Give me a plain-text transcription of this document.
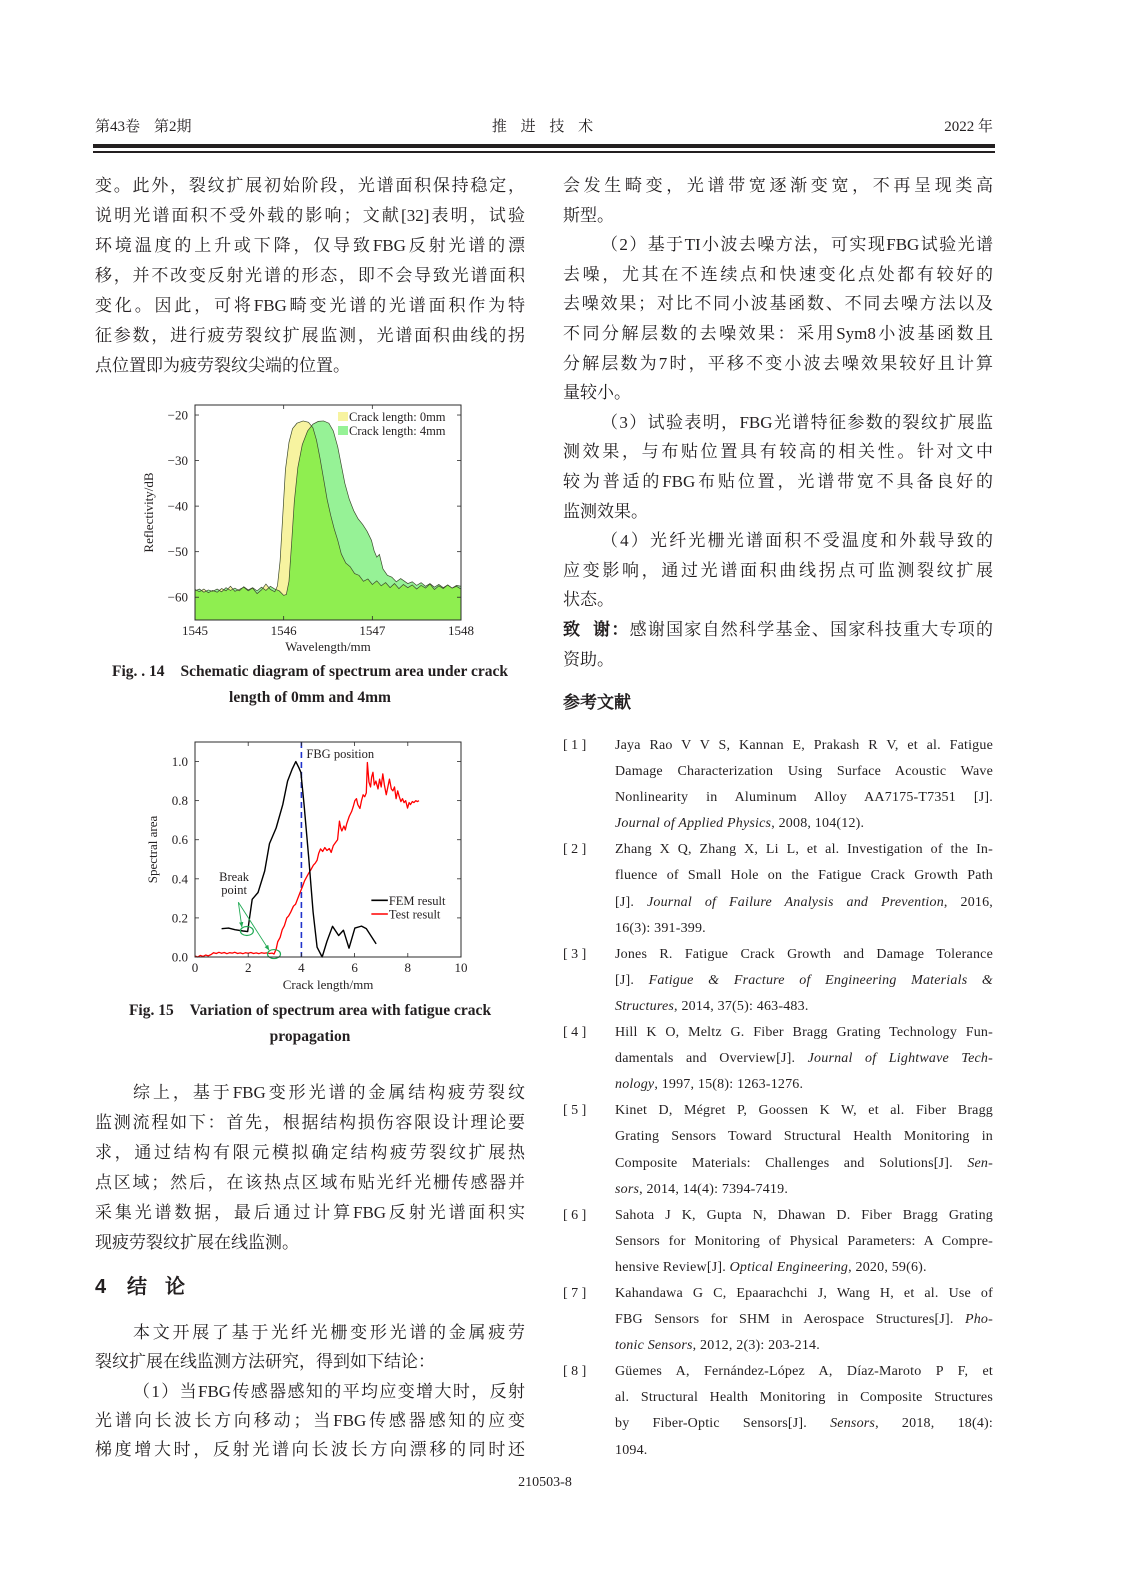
第43卷 第2期	推 进 技 术	2022 年
变。此外，裂纹扩展初始阶段，光谱面积保持稳定，
说明光谱面积不受外载的影响；文献[32]表明，试验
环境温度的上升或下降，仅导致FBG反射光谱的漂
移，并不改变反射光谱的形态，即不会导致光谱面积
变化。因此，可将FBG畸变光谱的光谱面积作为特
征参数，进行疲劳裂纹扩展监测，光谱面积曲线的拐
点位置即为疲劳裂纹尖端的位置。
1545	1546	1547	1548
−20
−30
−40
−50
−60
Wavelength/mm
Reflectivity/dB
Crack length: 0mm
Crack length: 4mm
Fig. . 14 Schematic diagram of spectrum area under crack
length of 0mm and 4mm
FBG position
Break
point
0	2	4	6	8	10
0.0
0.2
0.4
0.6
0.8
1.0
Crack length/mm
Spectral area
FEM result
Test result
Fig. 15 Variation of spectrum area with fatigue crack
propagation
综上，基于FBG变形光谱的金属结构疲劳裂纹
监测流程如下：首先，根据结构损伤容限设计理论要
求，通过结构有限元模拟确定结构疲劳裂纹扩展热
点区域；然后，在该热点区域布贴光纤光栅传感器并
采集光谱数据，最后通过计算FBG反射光谱面积实
现疲劳裂纹扩展在线监测。
4 结论
本文开展了基于光纤光栅变形光谱的金属疲劳
裂纹扩展在线监测方法研究，得到如下结论：
（1）当FBG传感器感知的平均应变增大时，反射
光谱向长波长方向移动；当FBG传感器感知的应变
梯度增大时，反射光谱向长波长方向漂移的同时还
会发生畸变，光谱带宽逐渐变宽，不再呈现类高
斯型。
（2）基于TI小波去噪方法，可实现FBG试验光谱
去噪，尤其在不连续点和快速变化点处都有较好的
去噪效果；对比不同小波基函数、不同去噪方法以及
不同分解层数的去噪效果：采用Sym8小波基函数且
分解层数为7时，平移不变小波去噪效果较好且计算
量较小。
（3）试验表明，FBG光谱特征参数的裂纹扩展监
测效果，与布贴位置具有较高的相关性。针对文中
较为普适的FBG布贴位置，光谱带宽不具备良好的
监测效果。
（4）光纤光栅光谱面积不受温度和外载导致的
应变影响，通过光谱面积曲线拐点可监测裂纹扩展
状态。
致  谢：感谢国家自然科学基金、国家科技重大专项的
资助。
参考文献
[ 1 ] Jaya Rao V V S, Kannan E, Prakash R V, et al. Fatigue
Damage Characterization Using Surface Acoustic Wave
Nonlinearity in Aluminum Alloy AA7175-T7351 [J].
Journal of Applied Physics, 2008, 104(12).
[ 2 ] Zhang X Q, Zhang X, Li L, et al. Investigation of the In-
fluence of Small Hole on the Fatigue Crack Growth Path
[J]. Journal of Failure Analysis and Prevention, 2016,
16(3): 391-399.
[ 3 ] Jones R. Fatigue Crack Growth and Damage Tolerance
[J]. Fatigue & Fracture of Engineering Materials &
Structures, 2014, 37(5): 463-483.
[ 4 ] Hill K O, Meltz G. Fiber Bragg Grating Technology Fun-
damentals and Overview[J]. Journal of Lightwave Tech-
nology, 1997, 15(8): 1263-1276.
[ 5 ] Kinet D, Mégret P, Goossen K W, et al. Fiber Bragg
Grating Sensors Toward Structural Health Monitoring in
Composite Materials: Challenges and Solutions[J]. Sen-
sors, 2014, 14(4): 7394-7419.
[ 6 ] Sahota J K, Gupta N, Dhawan D. Fiber Bragg Grating
Sensors for Monitoring of Physical Parameters: A Compre-
hensive Review[J]. Optical Engineering, 2020, 59(6).
[ 7 ] Kahandawa G C, Epaarachchi J, Wang H, et al. Use of
FBG Sensors for SHM in Aerospace Structures[J]. Pho-
tonic Sensors, 2012, 2(3): 203-214.
[ 8 ] Güemes A, Fernández-López A, Díaz-Maroto P F, et
al. Structural Health Monitoring in Composite Structures
by Fiber-Optic Sensors[J]. Sensors, 2018, 18(4):
1094.
210503-8
